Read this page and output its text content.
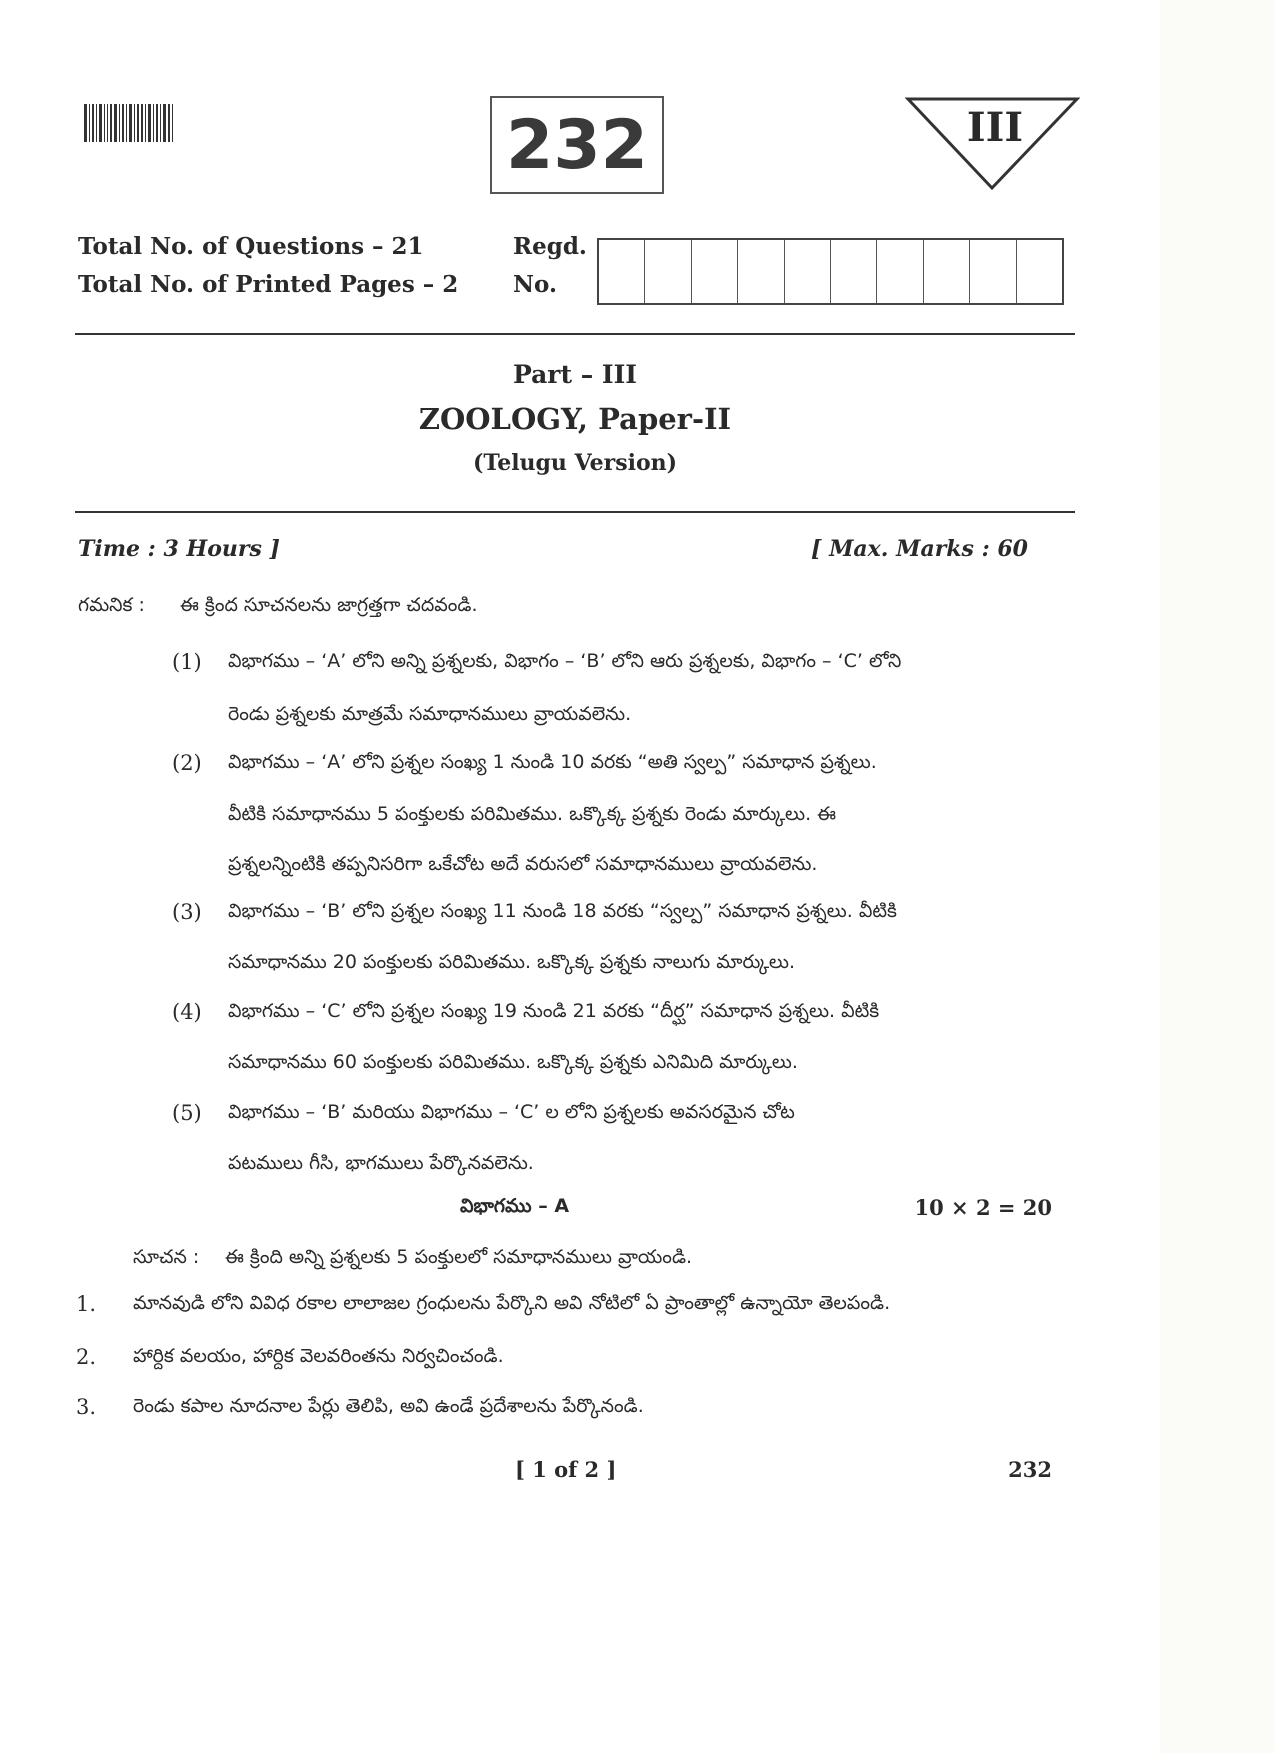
232	III
Total No. of Questions – 21
Total No. of Printed Pages – 2
Regd.
No.
Part – III
ZOOLOGY, Paper-II
(Telugu Version)
Time : 3 Hours ]	[ Max. Marks : 60
గమనిక : ఈ క్రింద సూచనలను జాగ్రత్తగా చదవండి.
(1) విభాగము – ‘A’ లోని అన్ని ప్రశ్నలకు, విభాగం – ‘B’ లోని ఆరు ప్రశ్నలకు, విభాగం – ‘C’ లోని
రెండు ప్రశ్నలకు మాత్రమే సమాధానములు వ్రాయవలెను.
(2) విభాగము – ‘A’ లోని ప్రశ్నల సంఖ్య 1 నుండి 10 వరకు “అతి స్వల్ప” సమాధాన ప్రశ్నలు.
వీటికి సమాధానము 5 పంక్తులకు పరిమితము. ఒక్కొక్క ప్రశ్నకు రెండు మార్కులు. ఈ
ప్రశ్నలన్నింటికి తప్పనిసరిగా ఒకేచోట అదే వరుసలో సమాధానములు వ్రాయవలెను.
(3) విభాగము – ‘B’ లోని ప్రశ్నల సంఖ్య 11 నుండి 18 వరకు “స్వల్ప” సమాధాన ప్రశ్నలు. వీటికి
సమాధానము 20 పంక్తులకు పరిమితము. ఒక్కొక్క ప్రశ్నకు నాలుగు మార్కులు.
(4) విభాగము – ‘C’ లోని ప్రశ్నల సంఖ్య 19 నుండి 21 వరకు “దీర్ఘ” సమాధాన ప్రశ్నలు. వీటికి
సమాధానము 60 పంక్తులకు పరిమితము. ఒక్కొక్క ప్రశ్నకు ఎనిమిది మార్కులు.
(5) విభాగము – ‘B’ మరియు విభాగము – ‘C’ ల లోని ప్రశ్నలకు అవసరమైన చోట
పటములు గీసి, భాగములు పేర్కొనవలెను.
విభాగము – A	10 × 2 = 20
సూచన : ఈ క్రింది అన్ని ప్రశ్నలకు 5 పంక్తులలో సమాధానములు వ్రాయండి.
1. మానవుడి లోని వివిధ రకాల లాలాజల గ్రంధులను పేర్కొని అవి నోటిలో ఏ ప్రాంతాల్లో ఉన్నాయో తెలపండి.
2. హార్దిక వలయం, హార్దిక వెలవరింతను నిర్వచించండి.
3. రెండు కపాల నూదనాల పేర్లు తెలిపి, అవి ఉండే ప్రదేశాలను పేర్కొనండి.
[ 1 of 2 ]	232
